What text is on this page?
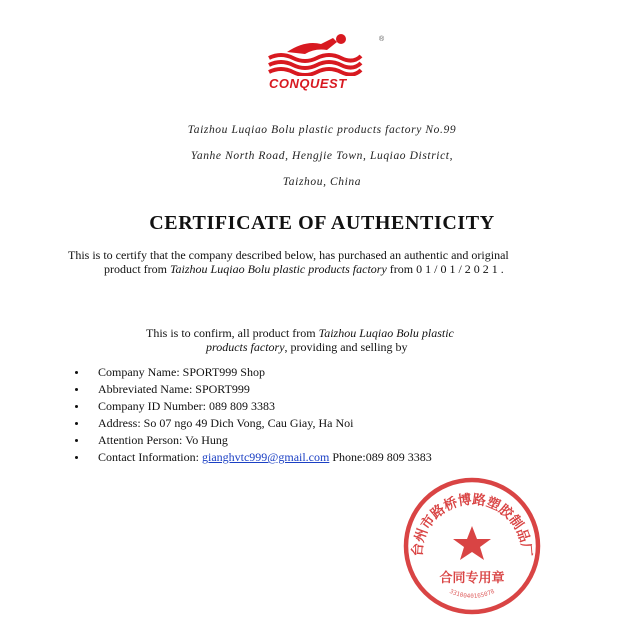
CONQUEST
®
Taizhou Luqiao Bolu plastic products factory No.99
Yanhe North Road, Hengjie Town, Luqiao District,
Taizhou, China
CERTIFICATE OF AUTHENTICITY
This is to certify that the company described below, has purchased an authentic and original
product from Taizhou Luqiao Bolu plastic products factory from 0 1 / 0 1 / 2 0 2 1 .
This is to confirm, all product from Taizhou Luqiao Bolu plastic
products factory, providing and selling by
Company Name: SPORT999 Shop
Abbreviated Name: SPORT999
Company ID Number: 089 809 3383
Address: So 07 ngo 49 Dich Vong, Cau Giay, Ha Noi
Attention Person: Vo Hung
Contact Information: gianghvtc999@gmail.com Phone:089 809 3383
台州市路桥博路塑胶制品厂
合同专用章
3310040165078
